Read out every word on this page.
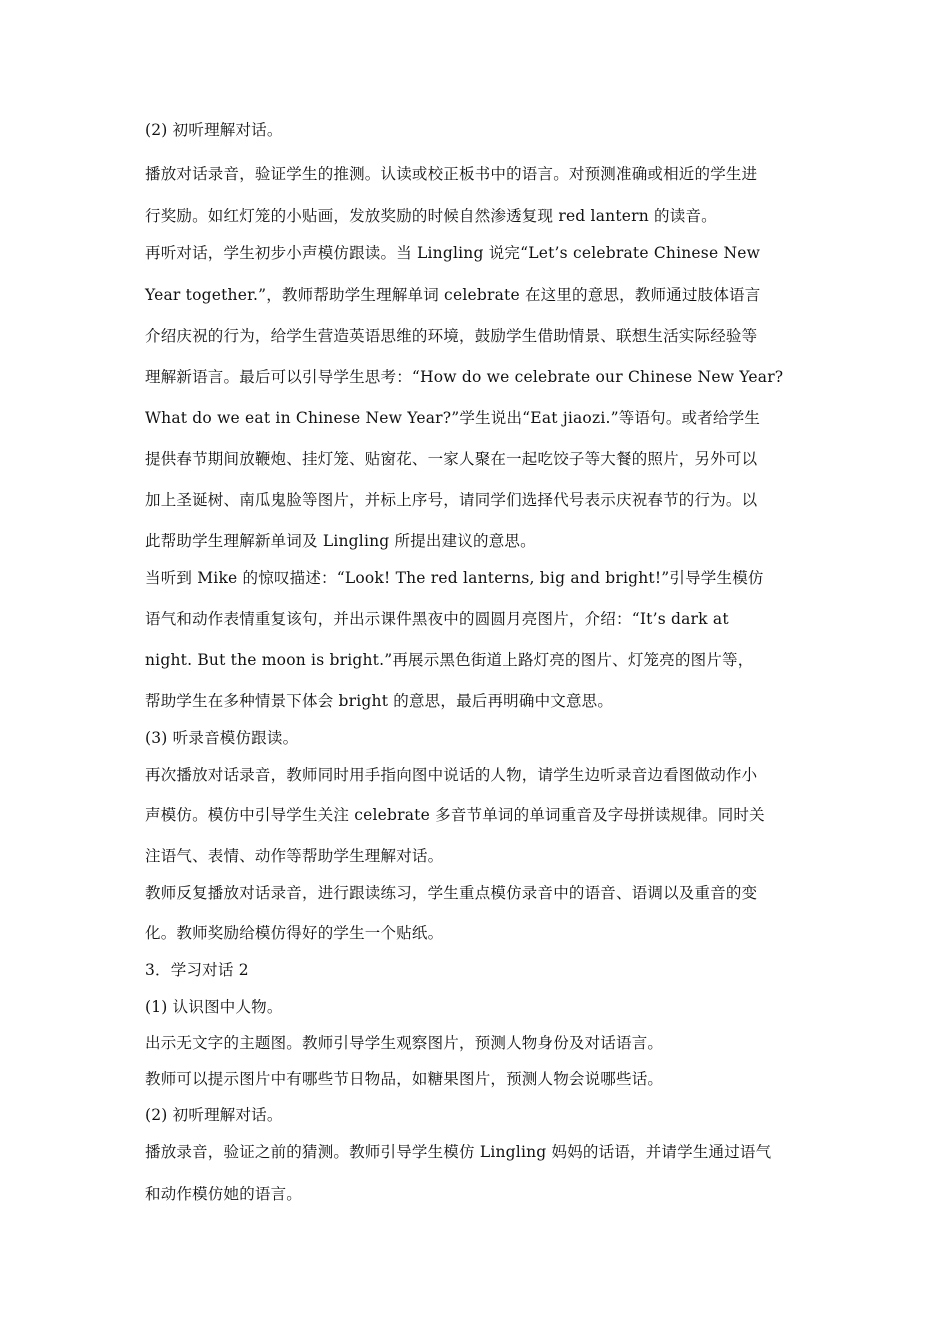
(2) 初听理解对话。

播放对话录音，验证学生的推测。认读或校正板书中的语言。对预测准确或相近的学生进

行奖励。如红灯笼的小贴画，发放奖励的时候自然渗透复现 red lantern 的读音。

再听对话，学生初步小声模仿跟读。当 Lingling 说完“Let’s celebrate Chinese New

Year together.”，教师帮助学生理解单词 celebrate 在这里的意思，教师通过肢体语言

介绍庆祝的行为，给学生营造英语思维的环境，鼓励学生借助情景、联想生活实际经验等

理解新语言。最后可以引导学生思考：“How do we celebrate our Chinese New Year?

What do we eat in Chinese New Year?”学生说出“Eat jiaozi.”等语句。或者给学生

提供春节期间放鞭炮、挂灯笼、贴窗花、一家人聚在一起吃饺子等大餐的照片，另外可以

加上圣诞树、南瓜鬼脸等图片，并标上序号，请同学们选择代号表示庆祝春节的行为。以

此帮助学生理解新单词及 Lingling 所提出建议的意思。

当听到 Mike 的惊叹描述：“Look! The red lanterns, big and bright!”引导学生模仿

语气和动作表情重复该句，并出示课件黑夜中的圆圆月亮图片，介绍：“It’s dark at

night. But the moon is bright.”再展示黑色街道上路灯亮的图片、灯笼亮的图片等，

帮助学生在多种情景下体会 bright 的意思，最后再明确中文意思。

(3) 听录音模仿跟读。

再次播放对话录音，教师同时用手指向图中说话的人物，请学生边听录音边看图做动作小

声模仿。模仿中引导学生关注 celebrate 多音节单词的单词重音及字母拼读规律。同时关

注语气、表情、动作等帮助学生理解对话。

教师反复播放对话录音，进行跟读练习，学生重点模仿录音中的语音、语调以及重音的变

化。教师奖励给模仿得好的学生一个贴纸。

3．学习对话 2

(1) 认识图中人物。

出示无文字的主题图。教师引导学生观察图片，预测人物身份及对话语言。

教师可以提示图片中有哪些节日物品，如糖果图片，预测人物会说哪些话。

(2) 初听理解对话。

播放录音，验证之前的猜测。教师引导学生模仿 Lingling 妈妈的话语，并请学生通过语气

和动作模仿她的语言。
